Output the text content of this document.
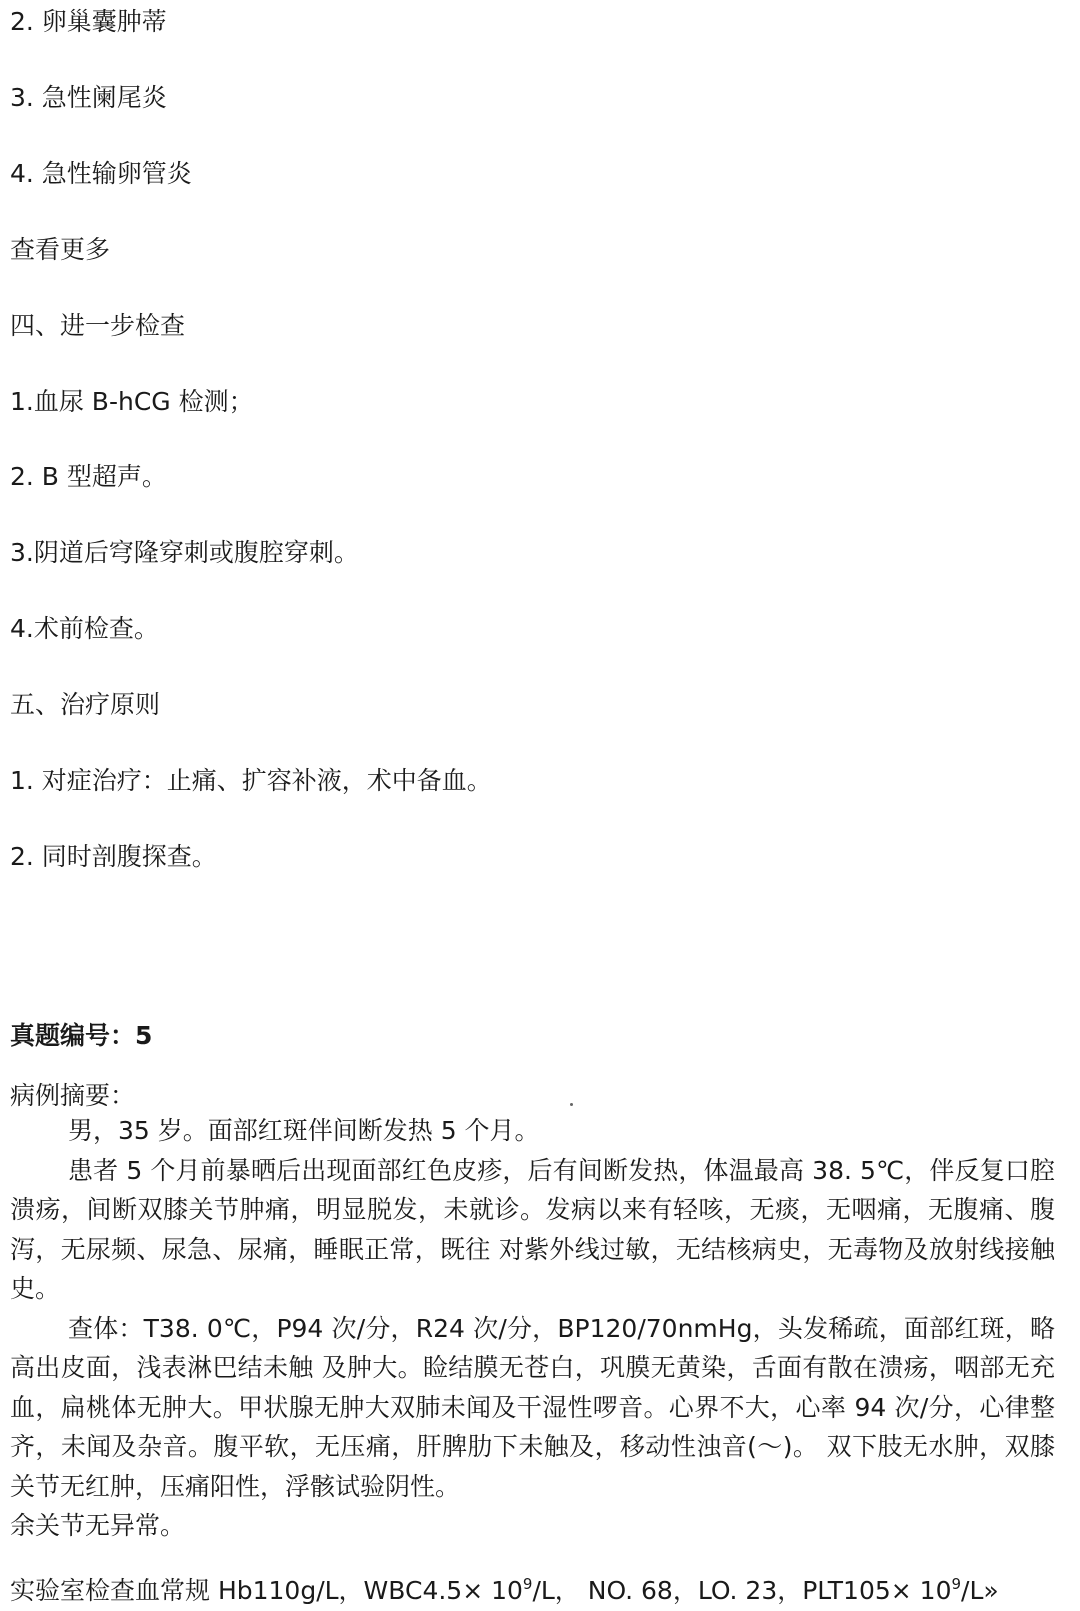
2. 卵巢囊肿蒂
3. 急性阑尾炎
4. 急性输卵管炎
查看更多
四、进一步检查
1.血尿 B-hCG 检测；
2. B 型超声。
3.阴道后穹隆穿刺或腹腔穿刺。
4.术前检查。
五、治疗原则
1. 对症治疗：止痛、扩容补液，术中备血。
2. 同时剖腹探查。
真题编号：5
病例摘要：

男，35 岁。面部红斑伴间断发热 5 个月。

患者 5 个月前暴晒后出现面部红色皮疹，后有间断发热，体温最高 38. 5℃，伴反复口腔溃疡，间断双膝关节肿痛，明显脱发，未就诊。发病以来有轻咳，无痰，无咽痛，无腹痛、腹泻，无尿频、尿急、尿痛，睡眠正常，既往 对紫外线过敏，无结核病史，无毒物及放射线接触史。

查体：T38. 0℃，P94 次/分，R24 次/分，BP120/70nmHg，头发稀疏，面部红斑，略高出皮面，浅表淋巴结未触 及肿大。睑结膜无苍白，巩膜无黄染，舌面有散在溃疡，咽部无充血，扁桃体无肿大。甲状腺无肿大双肺未闻及干湿性啰音。心界不大，心率 94 次/分，心律整齐，未闻及杂音。腹平软，无压痛，肝脾肋下未触及，移动性浊音(～)。 双下肢无水肿，双膝关节无红肿，压痛阳性，浮骸试验阴性。

余关节无异常。

实验室检查血常规 Hb110g/L，$WBC4.5\times 10^9/L$， NO. 68，LO. 23，$PLT105\times 10^9/L$»
